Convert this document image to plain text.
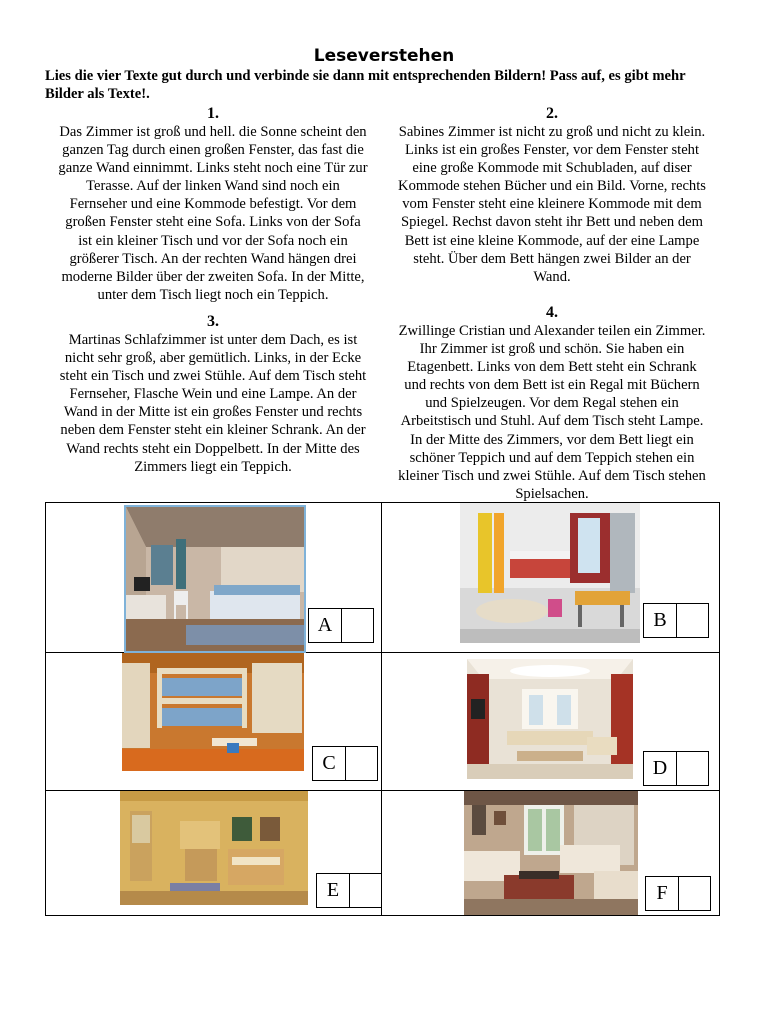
Leseverstehen
Lies die vier Texte gut durch und verbinde sie dann mit entsprechenden Bildern! Pass auf, es gibt mehr Bilder als Texte!.
1.

Das Zimmer ist groß und hell. die Sonne scheint den
ganzen Tag durch einen großen Fenster, das fast die
ganze Wand einnimmt. Links steht noch eine Tür zur
Terasse. Auf der linken Wand sind noch ein
Fernseher und eine Kommode befestigt. Vor dem
großen Fenster steht eine Sofa. Links von der Sofa
ist ein kleiner Tisch und vor der Sofa noch ein
größerer Tisch. An der rechten Wand hängen drei
moderne Bilder über der zweiten Sofa. In der Mitte,
unter dem Tisch liegt noch ein Teppich.

2.

Sabines Zimmer ist nicht zu groß und nicht zu klein.
Links ist ein großes Fenster, vor dem Fenster steht
eine große Kommode mit Schubladen, auf diser
Kommode stehen Bücher und ein Bild. Vorne, rechts
vom Fenster steht eine kleinere Kommode mit dem
Spiegel. Rechst davon steht ihr Bett und neben dem
Bett ist eine kleine Kommode, auf der eine Lampe
steht. Über dem Bett hängen zwei Bilder an der
Wand.

3.

Martinas Schlafzimmer ist unter dem Dach, es ist
nicht sehr groß, aber gemütlich. Links, in der Ecke
steht ein Tisch und zwei Stühle. Auf dem Tisch steht
Fernseher, Flasche Wein und eine Lampe. An der
Wand in der Mitte ist ein großes Fenster und rechts
neben dem Fenster steht ein kleiner Schrank. An der
Wand rechts steht ein Doppelbett. In der Mitte des
Zimmers liegt ein Teppich.

4.

Zwillinge Cristian und Alexander teilen ein Zimmer.
Ihr Zimmer ist groß und schön. Sie haben ein
Etagenbett. Links von dem Bett steht ein Schrank
und rechts von dem Bett ist ein Regal mit Büchern
und Spielzeugen. Vor dem Regal stehen ein
Arbeitstisch und Stuhl. Auf dem Tisch steht Lampe.
In der Mitte des Zimmers, vor dem Bett liegt ein
schöner Teppich und auf dem Teppich stehen ein
kleiner Tisch und zwei Stühle. Auf dem Tisch stehen
Spielsachen.

A	B
C	D
E	F
